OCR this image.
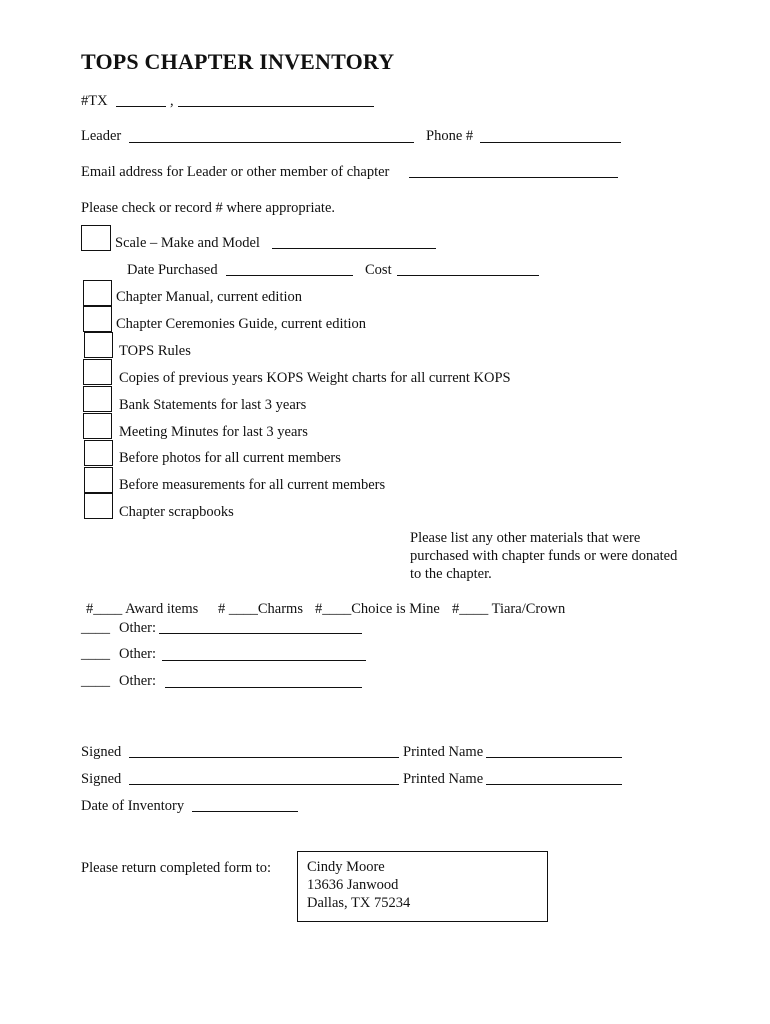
TOPS CHAPTER INVENTORY
#TX	,
Leader	Phone #
Email address for Leader or other member of chapter
Please check or record # where appropriate.
Scale – Make and Model
Date Purchased	Cost
Chapter Manual, current edition
Chapter Ceremonies Guide, current edition
TOPS Rules
Copies of previous years KOPS Weight charts for all current KOPS
Bank Statements for last 3 years
Meeting Minutes for last 3 years
Before photos for all current members
Before measurements for all current members
Chapter scrapbooks
Please list any other materials that were
purchased with chapter funds or were donated
to the chapter.
#____ Award items # ____Charms #____Choice is Mine #____ Tiara/Crown
____ Other:
____ Other:
____ Other:
Signed	Printed Name
Signed	Printed Name
Date of Inventory
Please return completed form to: Cindy Moore
13636 Janwood
Dallas, TX 75234
